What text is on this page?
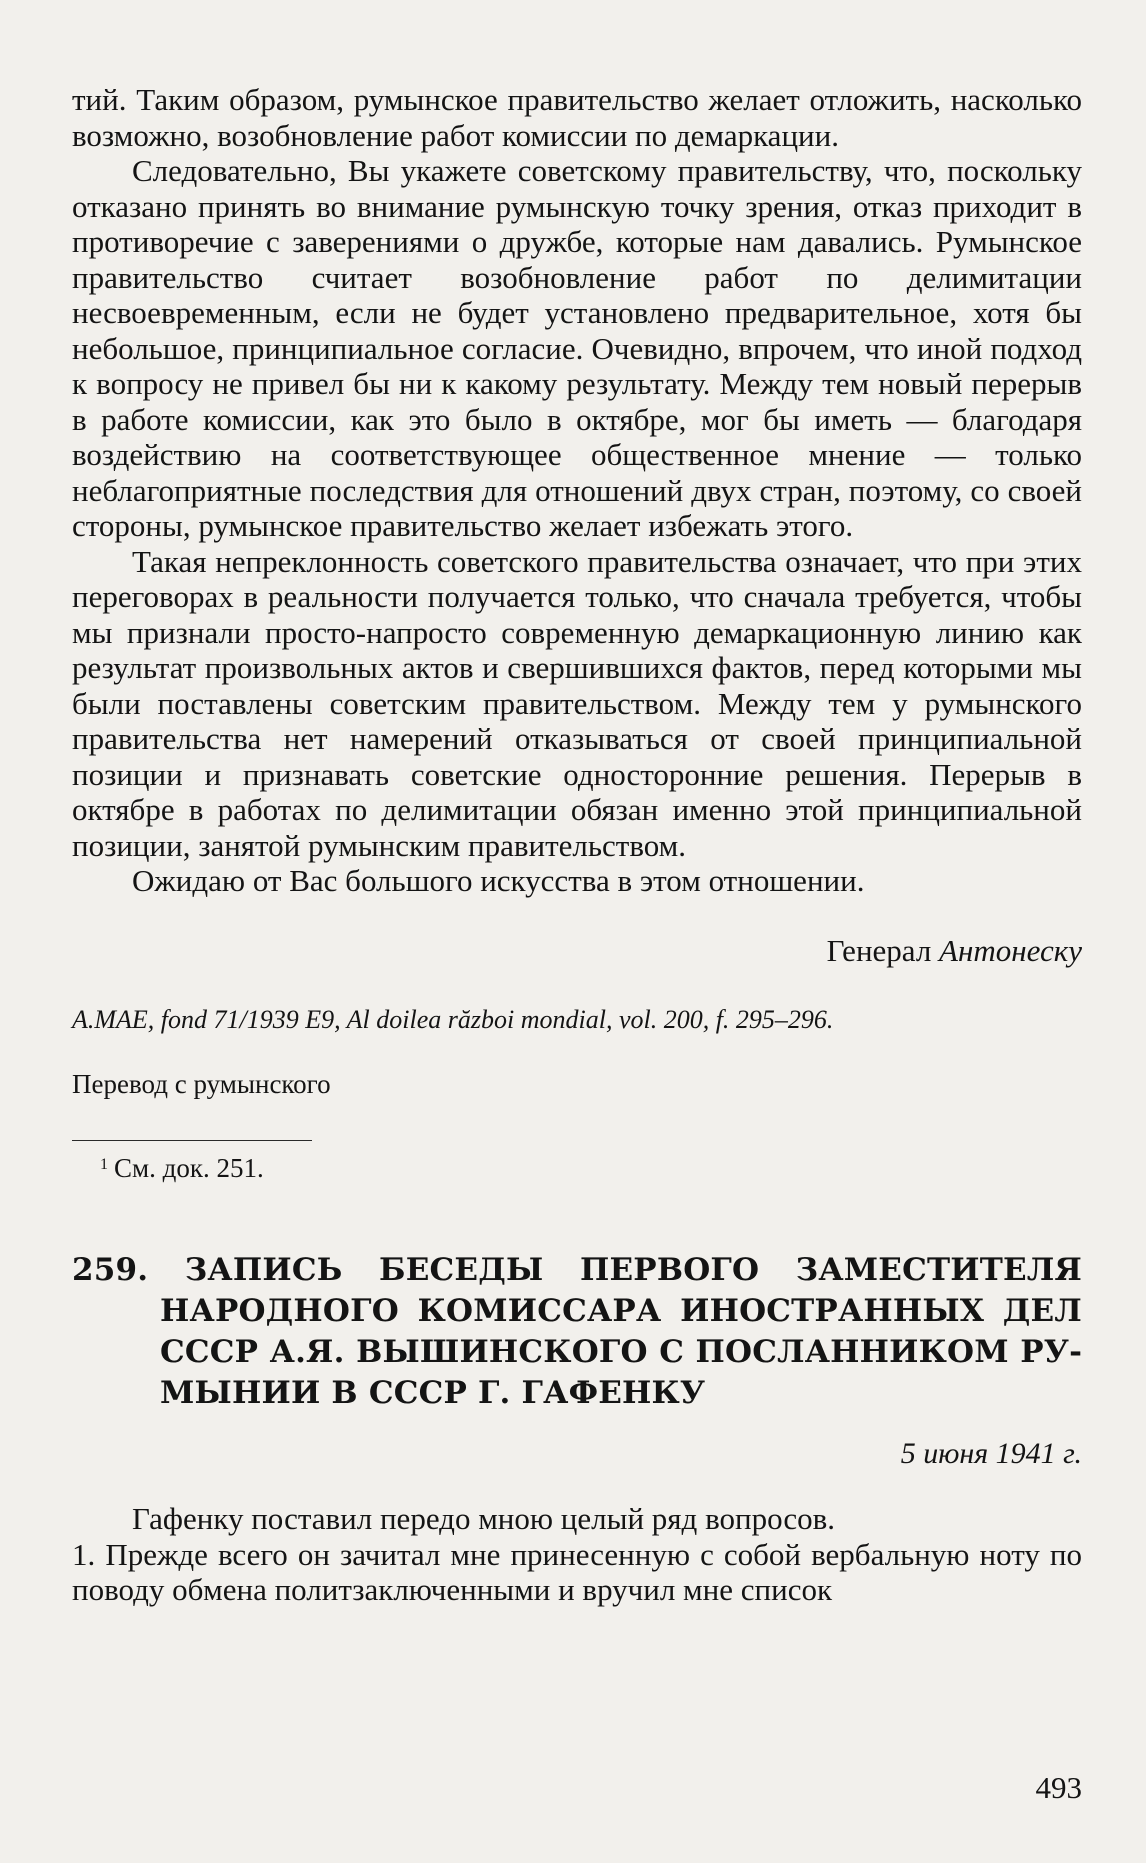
тий. Таким образом, румынское правительство желает отложить, насколько возможно, возобновление работ комиссии по демаркации.

Следовательно, Вы укажете советскому правительству, что, поскольку отказано принять во внимание румынскую точку зрения, отказ приходит в противоречие с заверениями о дружбе, которые нам давались. Румынское правительство считает возобновление работ по делимитации несвоевременным, если не будет установлено предварительное, хотя бы небольшое, принципиальное согласие. Очевидно, впрочем, что иной подход к вопросу не привел бы ни к какому результату. Между тем новый перерыв в работе комиссии, как это было в октябре, мог бы иметь — благодаря воздействию на соответствующее общественное мнение — только неблагоприятные последствия для отношений двух стран, поэтому, со своей стороны, румынское правительство желает избежать этого.

Такая непреклонность советского правительства означает, что при этих переговорах в реальности получается только, что сначала требуется, чтобы мы признали просто-напросто современную демаркационную линию как результат произвольных актов и свершившихся фактов, перед которыми мы были поставлены советским правительством. Между тем у румынского правительства нет намерений отказываться от своей принципиальной позиции и признавать советские односторонние решения. Перерыв в октябре в работах по делимитации обязан именно этой принципиальной позиции, занятой румынским правительством.

Ожидаю от Вас большого искусства в этом отношении.

Генерал Антонеску

A.MAE, fond 71/1939 E9, Al doilea război mondial, vol. 200, f. 295–296.

Перевод с румынского

$^1$ См. док. 251.

259. ЗАПИСЬ БЕСЕДЫ ПЕРВОГО ЗАМЕСТИТЕЛЯ НАРОДНОГО КОМИССАРА ИНОСТРАННЫХ ДЕЛ СССР А.Я. ВЫШИНСКОГО С ПОСЛАННИКОМ РУМЫНИИ В СССР Г. ГАФЕНКУ

5 июня 1941 г.

Гафенку поставил передо мною целый ряд вопросов.

1. Прежде всего он зачитал мне принесенную с собой вербальную ноту по поводу обмена политзаключенными и вручил мне список

493
